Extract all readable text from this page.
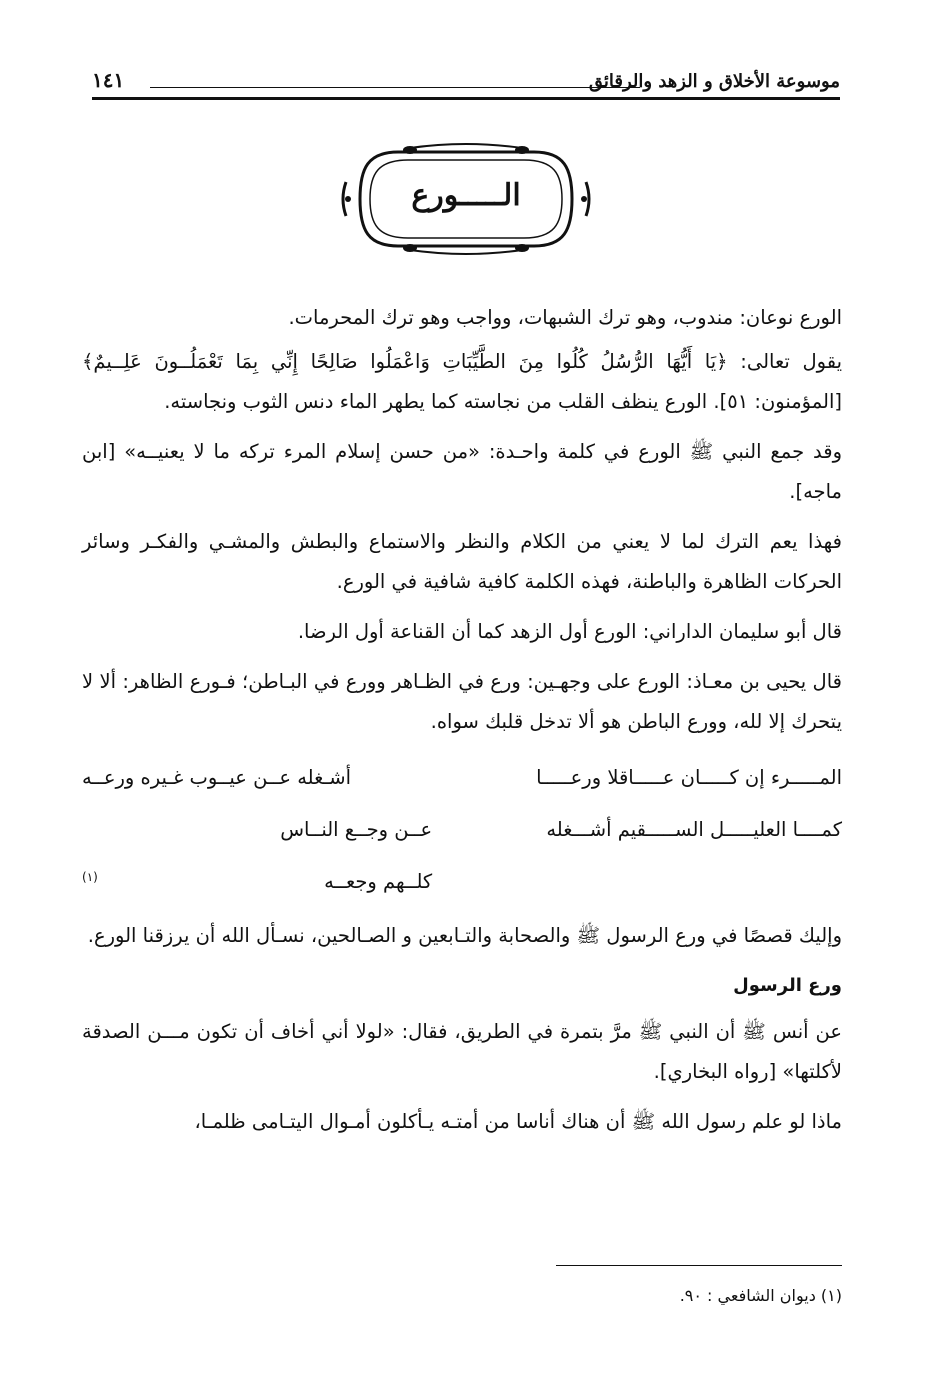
١٤١	موسوعة الأخلاق و الزهد والرقائق
الـــــورع

الورع نوعان: مندوب، وهو ترك الشبهات، وواجب وهو ترك المحرمات.

يقول تعالى: ﴿يَا أَيُّهَا الرُّسُلُ كُلُوا مِنَ الطَّيِّبَاتِ وَاعْمَلُوا صَالِحًا إِنِّي بِمَا تَعْمَلُــونَ عَلِــيمٌ﴾ [المؤمنون: ٥١]. الورع ينظف القلب من نجاسته كما يطهر الماء دنس الثوب ونجاسته.

وقد جمع النبي ﷺ الورع في كلمة واحـدة: «من حسن إسلام المرء تركه ما لا يعنيــه» [ابن ماجه].

فهذا يعم الترك لما لا يعني من الكلام والنظر والاستماع والبطش والمشـي والفكـر وسائر الحركات الظاهرة والباطنة، فهذه الكلمة كافية شافية في الورع.

قال أبو سليمان الداراني: الورع أول الزهد كما أن القناعة أول الرضا.

قال يحيى بن معـاذ: الورع على وجهـين: ورع في الظـاهر وورع في البـاطن؛ فـورع الظاهر: ألا لا يتحرك إلا لله، وورع الباطن هو ألا تدخل قلبك سواه.

المـــــرء إن كـــــان عـــــاقلا ورعـــــا
أشـغله عــن عيــوب غـيره ورعــه
كمــــا العليـــــل الســـــقيم أشـــغله
عــن وجــع النــاس كلــهم وجعــه(١)

وإليك قصصًا في ورع الرسول ﷺ والصحابة والتـابعين و الصـالحين، نسـأل الله أن يرزقنا الورع.

ورع الرسول

عن أنس ﷺ أن النبي ﷺ مرَّ بتمرة في الطريق، فقال: «لولا أني أخاف أن تكون مـــن الصدقة لأكلتها» [رواه البخاري].

ماذا لو علم رسول الله ﷺ أن هناك أناسا من أمتـه يـأكلون أمـوال اليتـامى ظلمـا،

(١) ديوان الشافعي : ٩٠.
